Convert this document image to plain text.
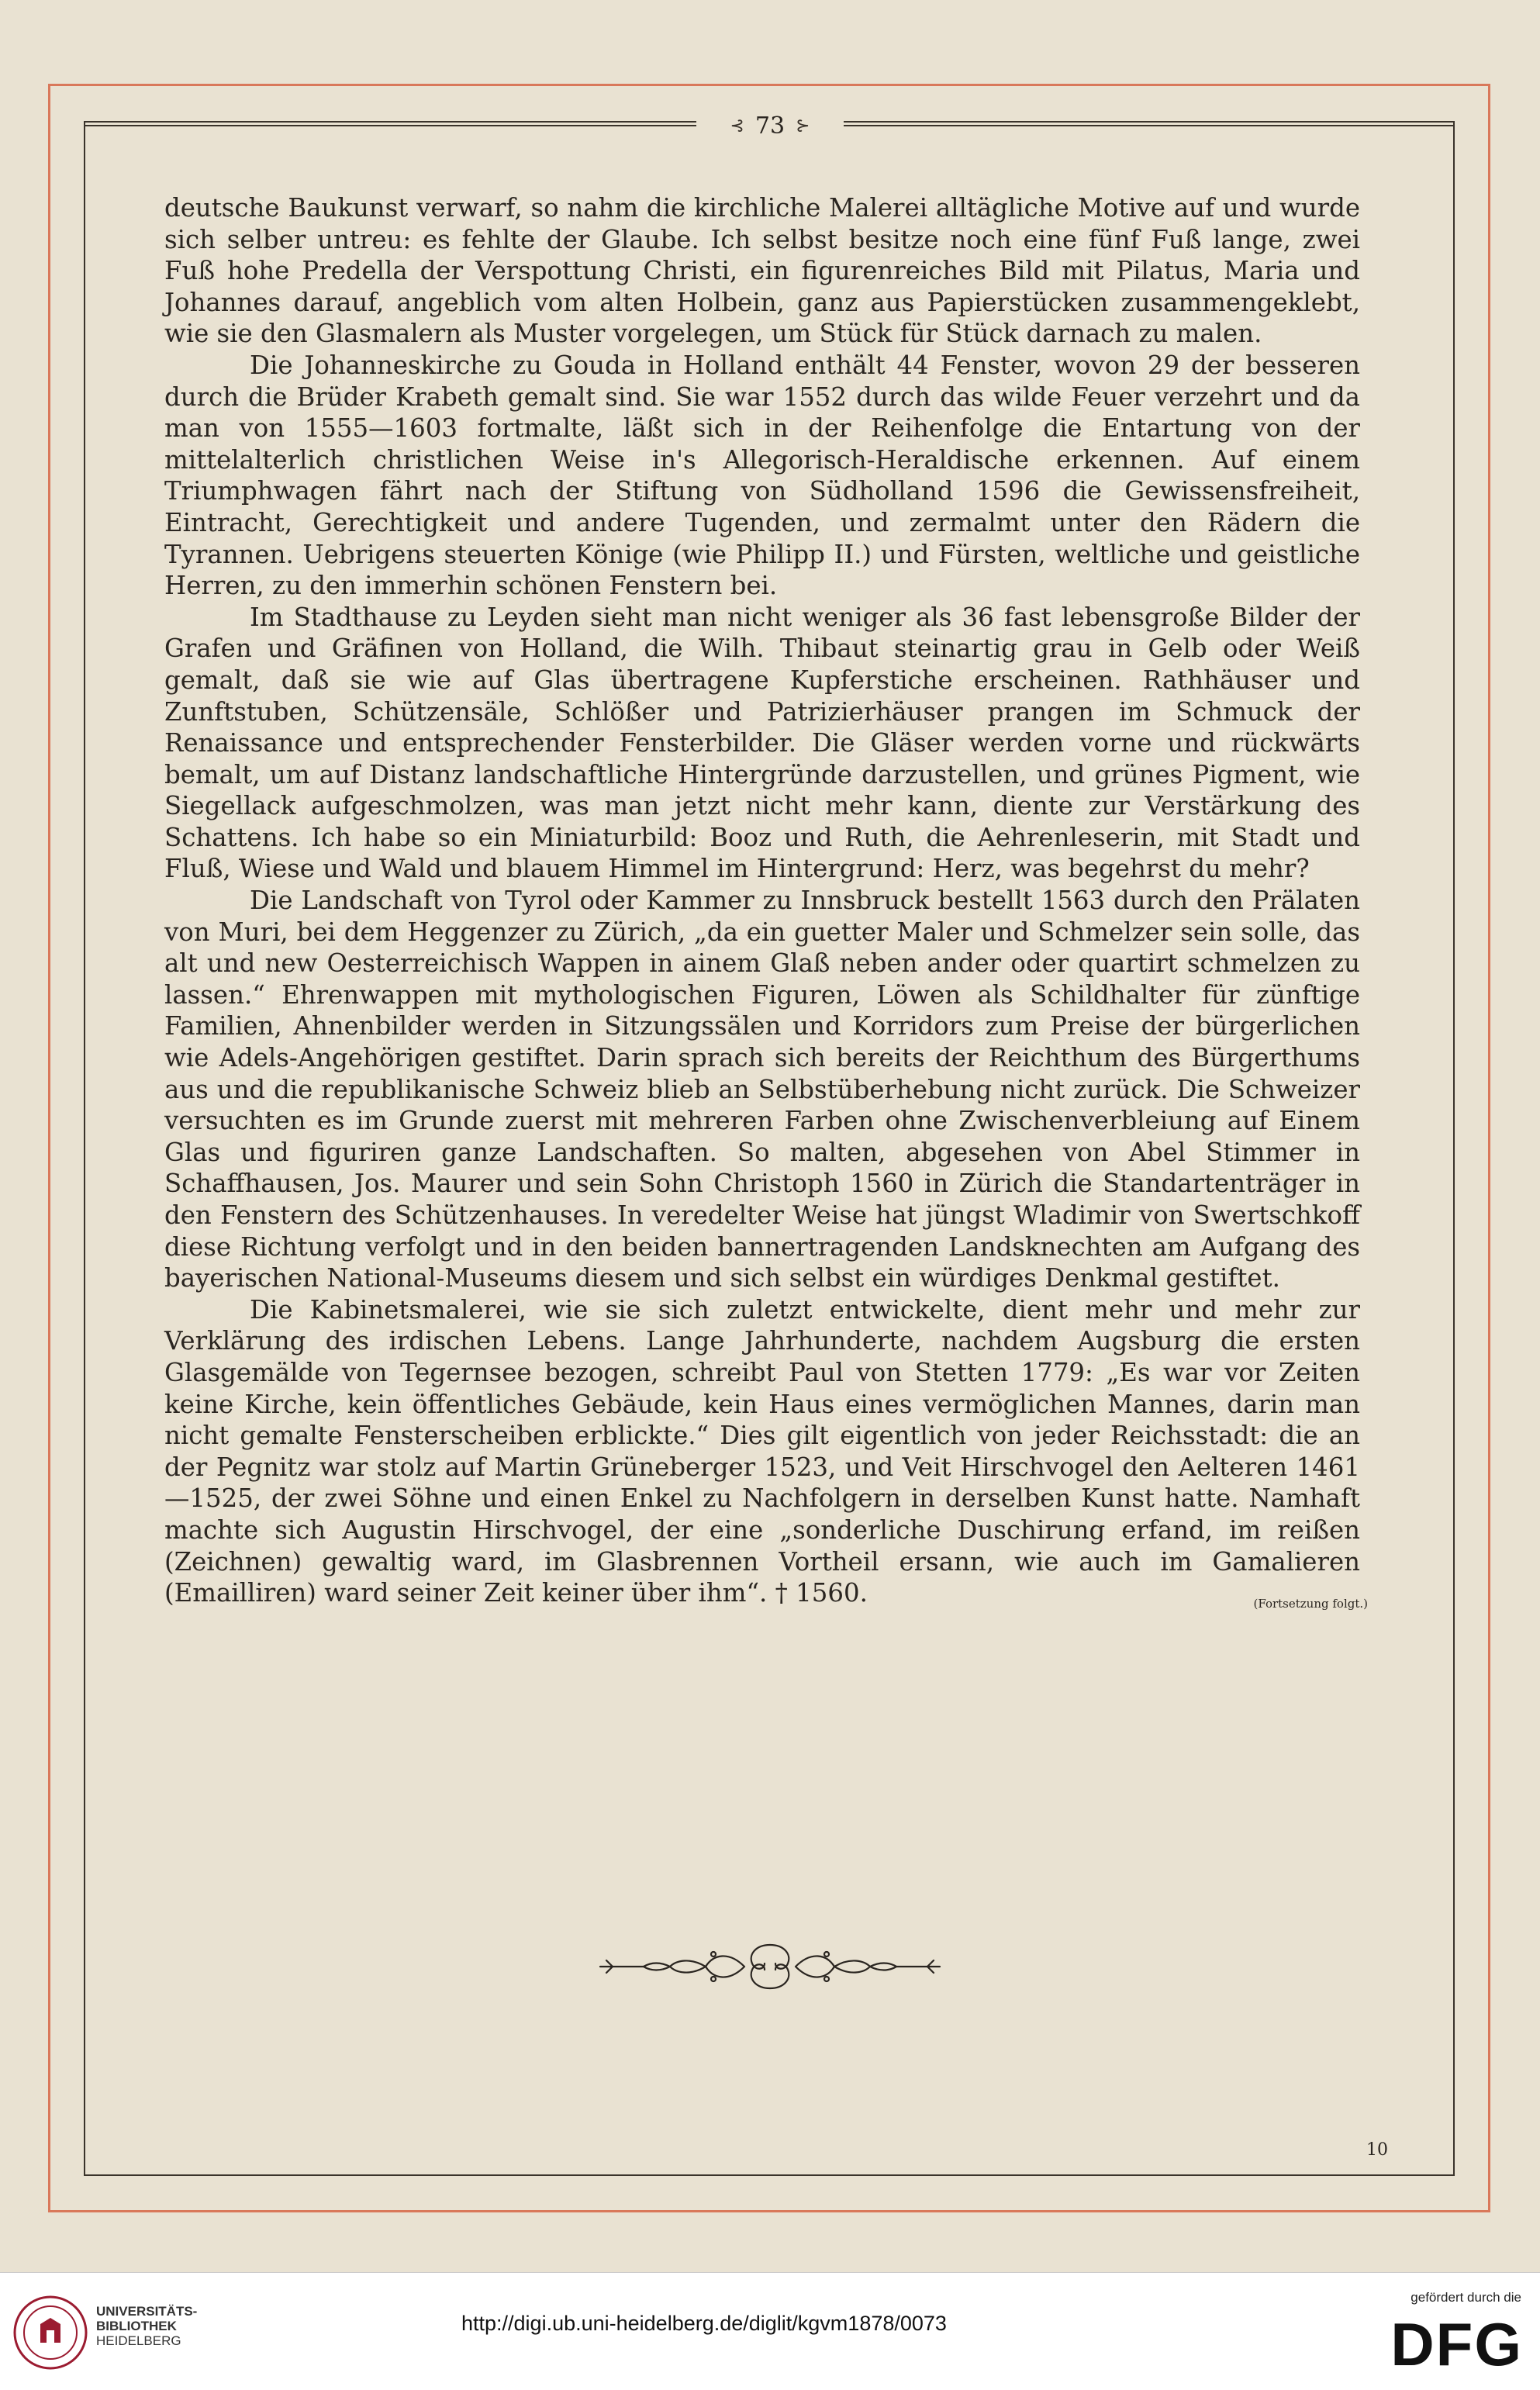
⊰ 73 ⊱

deutsche Baukunst verwarf, so nahm die kirchliche Malerei alltägliche Motive auf und wurde sich selber untreu: es fehlte der Glaube. Ich selbst besitze noch eine fünf Fuß lange, zwei Fuß hohe Predella der Verspottung Christi, ein figurenreiches Bild mit Pilatus, Maria und Johannes darauf, angeblich vom alten Holbein, ganz aus Papierstücken zusammengeklebt, wie sie den Glasmalern als Muster vorgelegen, um Stück für Stück darnach zu malen.

Die Johanneskirche zu Gouda in Holland enthält 44 Fenster, wovon 29 der besseren durch die Brüder Krabeth gemalt sind. Sie war 1552 durch das wilde Feuer verzehrt und da man von 1555—1603 fortmalte, läßt sich in der Reihenfolge die Entartung von der mittelalterlich christlichen Weise in's Allegorisch-Heraldische erkennen. Auf einem Triumphwagen fährt nach der Stiftung von Südholland 1596 die Gewissensfreiheit, Eintracht, Gerechtigkeit und andere Tugenden, und zermalmt unter den Rädern die Tyrannen. Uebrigens steuerten Könige (wie Philipp II.) und Fürsten, weltliche und geistliche Herren, zu den immerhin schönen Fenstern bei.

Im Stadthause zu Leyden sieht man nicht weniger als 36 fast lebensgroße Bilder der Grafen und Gräfinen von Holland, die Wilh. Thibaut steinartig grau in Gelb oder Weiß gemalt, daß sie wie auf Glas übertragene Kupferstiche erscheinen. Rathhäuser und Zunftstuben, Schützensäle, Schlößer und Patrizierhäuser prangen im Schmuck der Renaissance und entsprechender Fensterbilder. Die Gläser werden vorne und rückwärts bemalt, um auf Distanz landschaftliche Hintergründe darzustellen, und grünes Pigment, wie Siegellack aufgeschmolzen, was man jetzt nicht mehr kann, diente zur Verstärkung des Schattens. Ich habe so ein Miniaturbild: Booz und Ruth, die Aehrenleserin, mit Stadt und Fluß, Wiese und Wald und blauem Himmel im Hintergrund: Herz, was begehrst du mehr?

Die Landschaft von Tyrol oder Kammer zu Innsbruck bestellt 1563 durch den Prälaten von Muri, bei dem Heggenzer zu Zürich, „da ein guetter Maler und Schmelzer sein solle, das alt und new Oesterreichisch Wappen in ainem Glaß neben ander oder quartirt schmelzen zu lassen.“ Ehrenwappen mit mythologischen Figuren, Löwen als Schildhalter für zünftige Familien, Ahnenbilder werden in Sitzungssälen und Korridors zum Preise der bürgerlichen wie Adels-Angehörigen gestiftet. Darin sprach sich bereits der Reichthum des Bürgerthums aus und die republikanische Schweiz blieb an Selbstüberhebung nicht zurück. Die Schweizer versuchten es im Grunde zuerst mit mehreren Farben ohne Zwischenverbleiung auf Einem Glas und figuriren ganze Landschaften. So malten, abgesehen von Abel Stimmer in Schaffhausen, Jos. Maurer und sein Sohn Christoph 1560 in Zürich die Standartenträger in den Fenstern des Schützenhauses. In veredelter Weise hat jüngst Wladimir von Swertschkoff diese Richtung verfolgt und in den beiden bannertragenden Landsknechten am Aufgang des bayerischen National-Museums diesem und sich selbst ein würdiges Denkmal gestiftet.

Die Kabinetsmalerei, wie sie sich zuletzt entwickelte, dient mehr und mehr zur Verklärung des irdischen Lebens. Lange Jahrhunderte, nachdem Augsburg die ersten Glasgemälde von Tegernsee bezogen, schreibt Paul von Stetten 1779: „Es war vor Zeiten keine Kirche, kein öffentliches Gebäude, kein Haus eines vermöglichen Mannes, darin man nicht gemalte Fensterscheiben erblickte.“ Dies gilt eigentlich von jeder Reichsstadt: die an der Pegnitz war stolz auf Martin Grüneberger 1523, und Veit Hirschvogel den Aelteren 1461—1525, der zwei Söhne und einen Enkel zu Nachfolgern in derselben Kunst hatte. Namhaft machte sich Augustin Hirschvogel, der eine „sonderliche Duschirung erfand, im reißen (Zeichnen) gewaltig ward, im Glasbrennen Vortheil ersann, wie auch im Gamalieren (Emailliren) ward seiner Zeit keiner über ihm“. † 1560.	(Fortsetzung folgt.)

10
UNIVERSITÄTS-
BIBLIOTHEK
HEIDELBERG
http://digi.ub.uni-heidelberg.de/diglit/kgvm1878/0073
gefördert durch die
DFG
